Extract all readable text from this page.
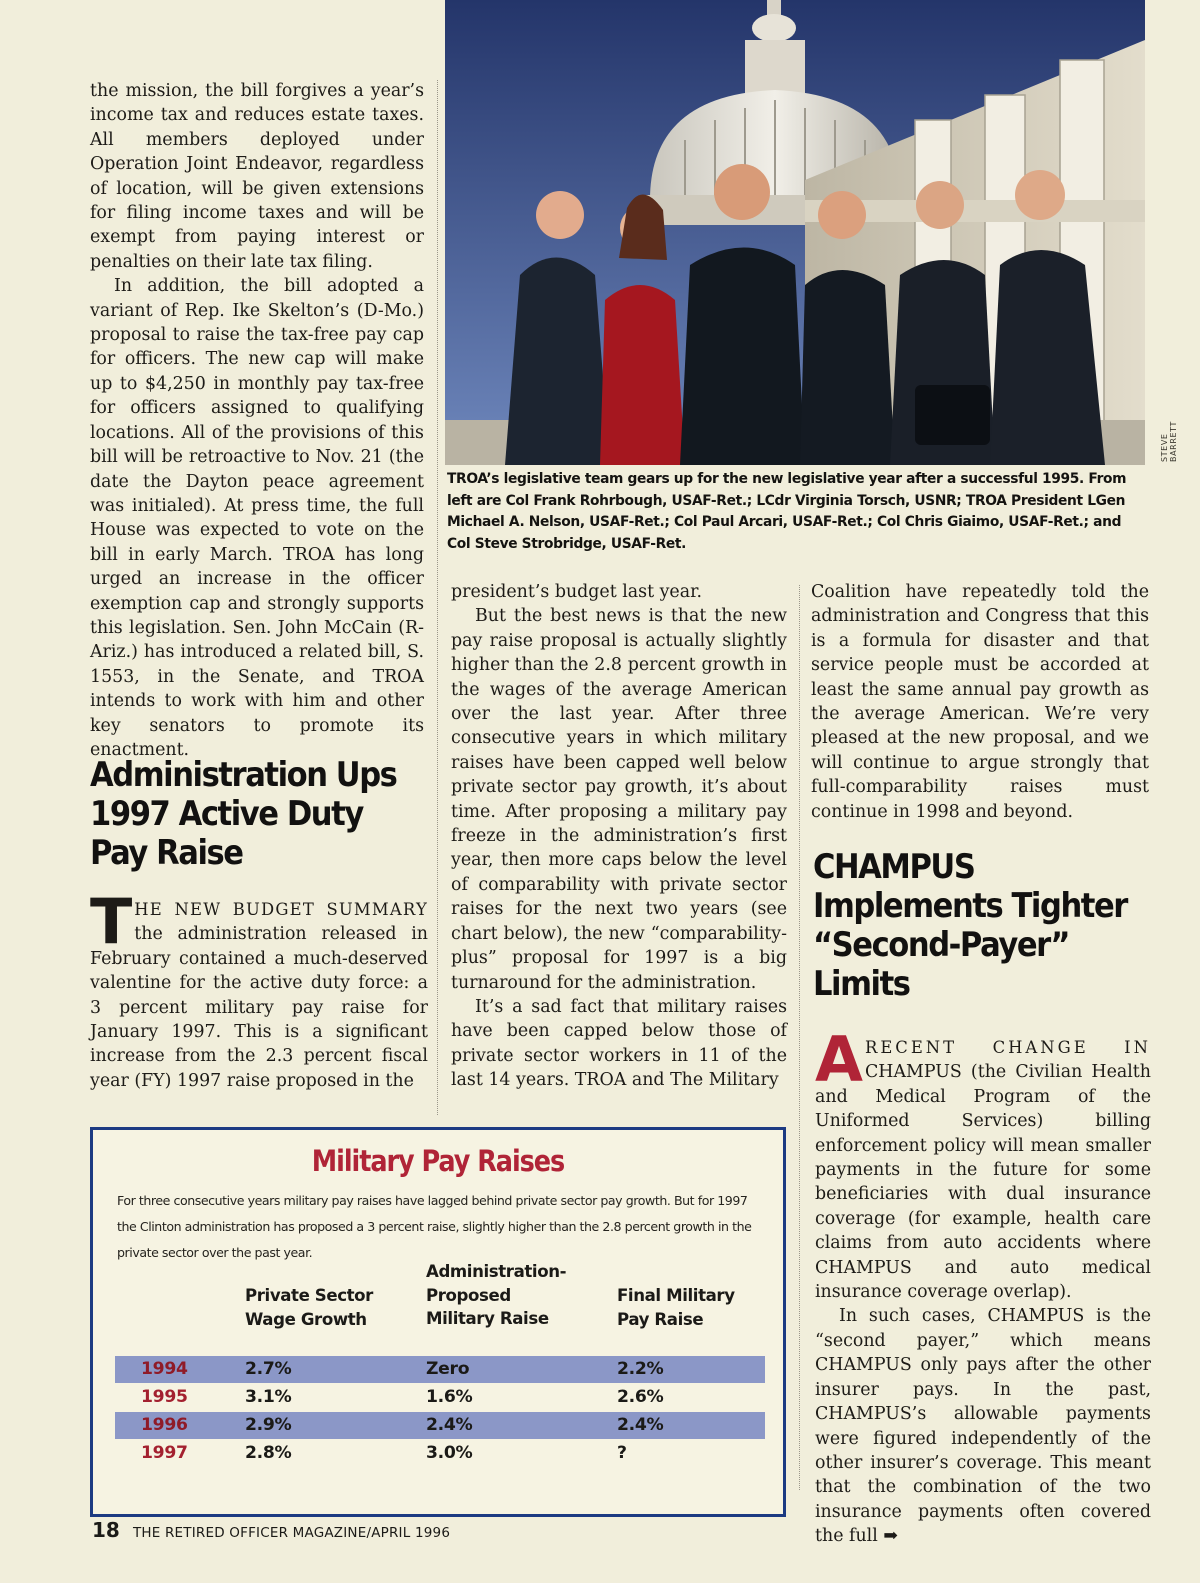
the mission, the bill forgives a year’s income tax and reduces estate taxes. All members deployed under Operation Joint Endeavor, regardless of location, will be given extensions for filing income taxes and will be exempt from paying interest or penalties on their late tax filing.

In addition, the bill adopted a variant of Rep. Ike Skelton’s (D-Mo.) proposal to raise the tax-free pay cap for officers. The new cap will make up to $4,250 in monthly pay tax-free for officers assigned to qualifying locations. All of the provisions of this bill will be retroactive to Nov. 21 (the date the Dayton peace agreement was initialed). At press time, the full House was expected to vote on the bill in early March. TROA has long urged an increase in the officer exemption cap and strongly supports this legislation. Sen. John McCain (R-Ariz.) has introduced a related bill, S. 1553, in the Senate, and TROA intends to work with him and other key senators to promote its enactment.

Administration Ups
1997 Active Duty
Pay Raise

THE NEW BUDGET SUMMARY the administration released in February contained a much-deserved valentine for the active duty force: a 3 percent military pay raise for January 1997. This is a significant increase from the 2.3 percent fiscal year (FY) 1997 raise proposed in the

STEVE BARRETT
TROA’s legislative team gears up for the new legislative year after a successful 1995. From left are Col Frank Rohrbough, USAF-Ret.; LCdr Virginia Torsch, USNR; TROA President LGen Michael A. Nelson, USAF-Ret.; Col Paul Arcari, USAF-Ret.; Col Chris Giaimo, USAF-Ret.; and Col Steve Strobridge, USAF-Ret.

president’s budget last year.

But the best news is that the new pay raise proposal is actually slightly higher than the 2.8 percent growth in the wages of the average American over the last year. After three consecutive years in which military raises have been capped well below private sector pay growth, it’s about time. After proposing a military pay freeze in the administration’s first year, then more caps below the level of comparability with private sector raises for the next two years (see chart below), the new “comparability-plus” proposal for 1997 is a big turnaround for the administration.

It’s a sad fact that military raises have been capped below those of private sector workers in 11 of the last 14 years. TROA and The Military

Coalition have repeatedly told the administration and Congress that this is a formula for disaster and that service people must be accorded at least the same annual pay growth as the average American. We’re very pleased at the new proposal, and we will continue to argue strongly that full-comparability raises must continue in 1998 and beyond.

CHAMPUS
Implements Tighter
“Second-Payer”
Limits

ARECENT CHANGE IN CHAMPUS (the Civilian Health and Medical Program of the Uniformed Services) billing enforcement policy will mean smaller payments in the future for some beneficiaries with dual insurance coverage (for example, health care claims from auto accidents where CHAMPUS and auto medical insurance coverage overlap).

In such cases, CHAMPUS is the “second payer,” which means CHAMPUS only pays after the other insurer pays. In the past, CHAMPUS’s allowable payments were figured independently of the other insurer’s coverage. This meant that the combination of the two insurance payments often covered the full ➡

Military Pay Raises
For three consecutive years military pay raises have lagged behind private sector pay growth. But for 1997 the Clinton administration has proposed a 3 percent raise, slightly higher than the 2.8 percent growth in the private sector over the past year.
Private Sector
Wage Growth
Administration-
Proposed
Military Raise
Final Military
Pay Raise
1994	2.7%	Zero	2.2%
1995	3.1%	1.6%	2.6%
1996	2.9%	2.4%	2.4%
1997	2.8%	3.0%	?
18 THE RETIRED OFFICER MAGAZINE/APRIL 1996
